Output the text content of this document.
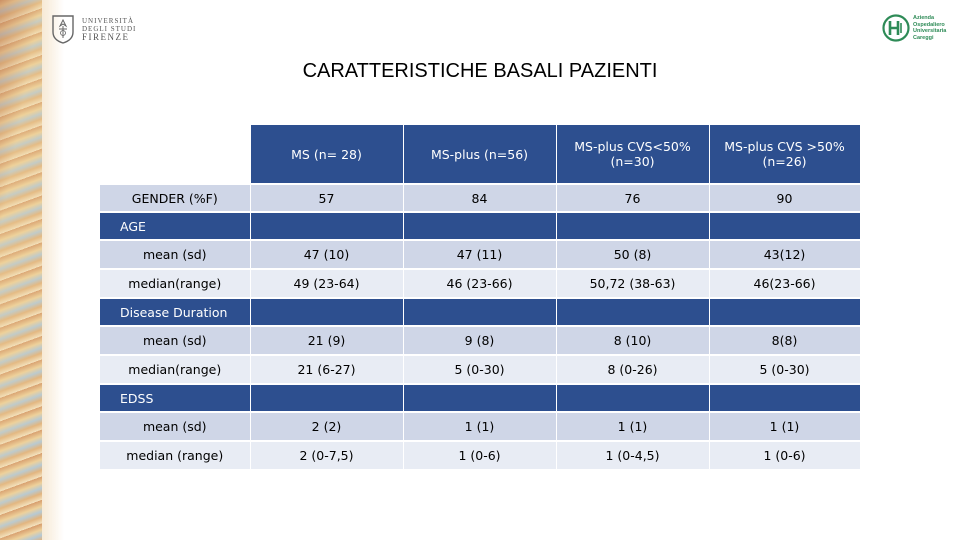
UNIVERSITÀ
DEGLI STUDI
FIRENZE
Azienda
Ospedaliero
Universitaria
Careggi
CARATTERISTICHE BASALI PAZIENTI
	MS (n= 28)	MS-plus (n=56)	MS-plus CVS<50% (n=30)	MS-plus CVS >50% (n=26)
GENDER (%F)	57	84	76	90
AGE				
mean (sd)	47 (10)	47 (11)	50 (8)	43(12)
median(range)	49 (23-64)	46 (23-66)	50,72 (38-63)	46(23-66)
Disease Duration				
mean (sd)	21 (9)	9 (8)	8 (10)	8(8)
median(range)	21 (6-27)	5 (0-30)	8 (0-26)	5 (0-30)
EDSS				
mean (sd)	2 (2)	1 (1)	1 (1)	1 (1)
median (range)	2 (0-7,5)	1 (0-6)	1 (0-4,5)	1 (0-6)
